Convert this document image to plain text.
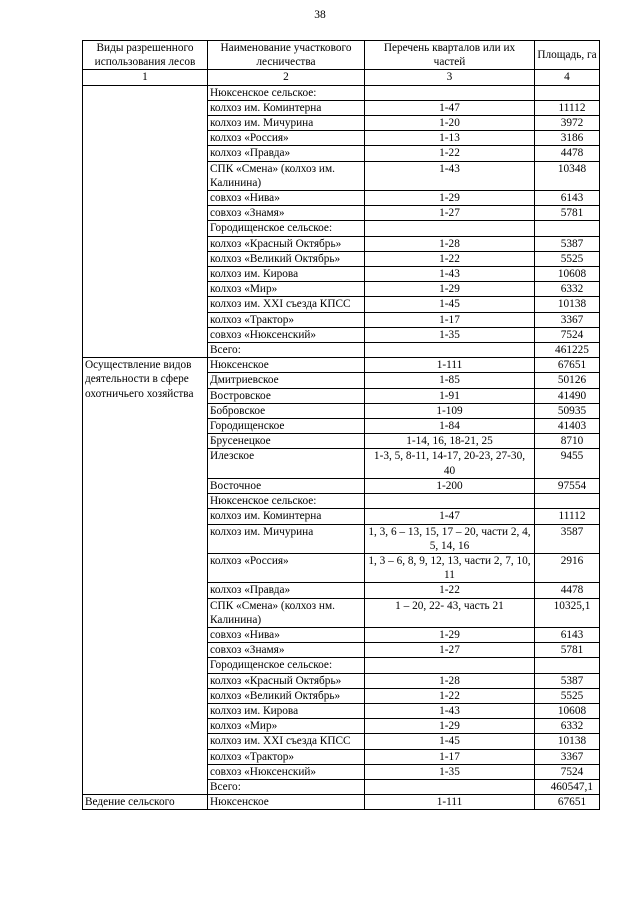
38
Виды разрешенного использования лесов	Наименование участкового лесничества	Перечень кварталов или их частей	Площадь, га
1	2	3	4
	Нюксенское сельское:		
	колхоз им. Коминтерна	1-47	11112
	колхоз им. Мичурина	1-20	3972
	колхоз «Россия»	1-13	3186
	колхоз «Правда»	1-22	4478
	СПК «Смена» (колхоз им. Калинина)	1-43	10348
	совхоз «Нива»	1-29	6143
	совхоз «Знамя»	1-27	5781
	Городищенское сельское:		
	колхоз «Красный Октябрь»	1-28	5387
	колхоз «Великий Октябрь»	1-22	5525
	колхоз им. Кирова	1-43	10608
	колхоз «Мир»	1-29	6332
	колхоз им. XXI съезда КПСС	1-45	10138
	колхоз «Трактор»	1-17	3367
	совхоз «Нюксенский»	1-35	7524
	Всего:		461225
Осуществление видов деятельности в сфере охотничьего хозяйства	Нюксенское	1-111	67651
	Дмитриевское	1-85	50126
	Востровское	1-91	41490
	Бобровское	1-109	50935
	Городищенское	1-84	41403
	Брусенецкое	1-14, 16, 18-21, 25	8710
	Илезское	1-3, 5, 8-11, 14-17, 20-23, 27-30, 40	9455
	Восточное	1-200	97554
	Нюксенское сельское:		
	колхоз им. Коминтерна	1-47	11112
	колхоз им. Мичурина	1, 3, 6 – 13, 15, 17 – 20, части 2, 4, 5, 14, 16	3587
	колхоз «Россия»	1, 3 – 6, 8, 9, 12, 13, части 2, 7, 10, 11	2916
	колхоз «Правда»	1-22	4478
	СПК «Смена» (колхоз нм. Калинина)	1 – 20, 22- 43, часть 21	10325,1
	совхоз «Нива»	1-29	6143
	совхоз «Знамя»	1-27	5781
	Городищенское сельское:		
	колхоз «Красный Октябрь»	1-28	5387
	колхоз «Великий Октябрь»	1-22	5525
	колхоз им. Кирова	1-43	10608
	колхоз «Мир»	1-29	6332
	колхоз им. XXI съезда КПСС	1-45	10138
	колхоз «Трактор»	1-17	3367
	совхоз «Нюксенский»	1-35	7524
	Всего:		460547,1
Ведение сельского	Нюксенское	1-111	67651
